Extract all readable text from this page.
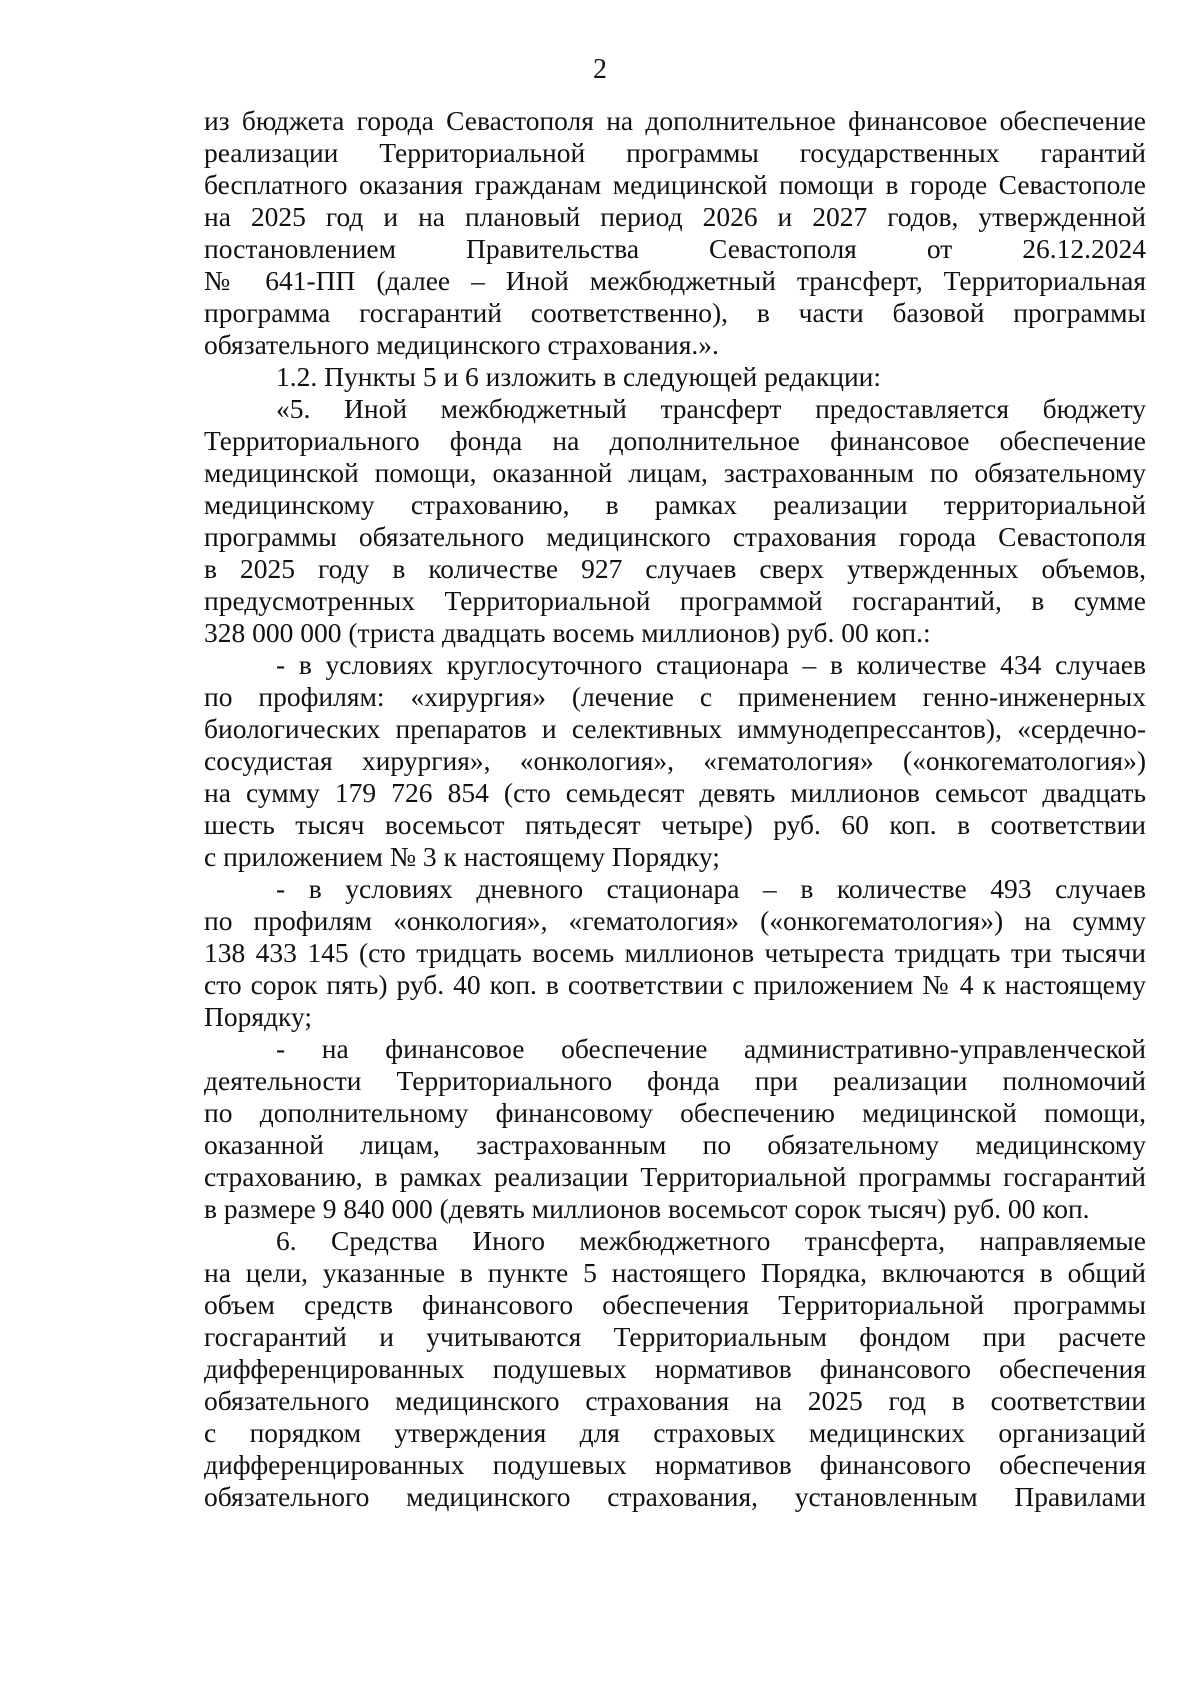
2
из бюджета города Севастополя на дополнительное финансовое обеспечение
реализации Территориальной программы государственных гарантий
бесплатного оказания гражданам медицинской помощи в городе Севастополе
на 2025 год и на плановый период 2026 и 2027 годов, утвержденной
постановлением Правительства Севастополя от 26.12.2024
№ 641-ПП (далее – Иной межбюджетный трансферт, Территориальная
программа госгарантий соответственно), в части базовой программы
обязательного медицинского страхования.».
1.2. Пункты 5 и 6 изложить в следующей редакции:
«5. Иной межбюджетный трансферт предоставляется бюджету
Территориального фонда на дополнительное финансовое обеспечение
медицинской помощи, оказанной лицам, застрахованным по обязательному
медицинскому страхованию, в рамках реализации территориальной
программы обязательного медицинского страхования города Севастополя
в 2025 году в количестве 927 случаев сверх утвержденных объемов,
предусмотренных Территориальной программой госгарантий, в сумме
328 000 000 (триста двадцать восемь миллионов) руб. 00 коп.:
- в условиях круглосуточного стационара – в количестве 434 случаев
по профилям: «хирургия» (лечение с применением генно-инженерных
биологических препаратов и селективных иммунодепрессантов), «сердечно-
сосудистая хирургия», «онкология», «гематология» («онкогематология»)
на сумму 179 726 854 (сто семьдесят девять миллионов семьсот двадцать
шесть тысяч восемьсот пятьдесят четыре) руб. 60 коп. в соответствии
с приложением № 3 к настоящему Порядку;
- в условиях дневного стационара – в количестве 493 случаев
по профилям «онкология», «гематология» («онкогематология») на сумму
138 433 145 (сто тридцать восемь миллионов четыреста тридцать три тысячи
сто сорок пять) руб. 40 коп. в соответствии с приложением № 4 к настоящему
Порядку;
- на финансовое обеспечение административно-управленческой
деятельности Территориального фонда при реализации полномочий
по дополнительному финансовому обеспечению медицинской помощи,
оказанной лицам, застрахованным по обязательному медицинскому
страхованию, в рамках реализации Территориальной программы госгарантий
в размере 9 840 000 (девять миллионов восемьсот сорок тысяч) руб. 00 коп.
6. Средства Иного межбюджетного трансферта, направляемые
на цели, указанные в пункте 5 настоящего Порядка, включаются в общий
объем средств финансового обеспечения Территориальной программы
госгарантий и учитываются Территориальным фондом при расчете
дифференцированных подушевых нормативов финансового обеспечения
обязательного медицинского страхования на 2025 год в соответствии
с порядком утверждения для страховых медицинских организаций
дифференцированных подушевых нормативов финансового обеспечения
обязательного медицинского страхования, установленным Правилами
